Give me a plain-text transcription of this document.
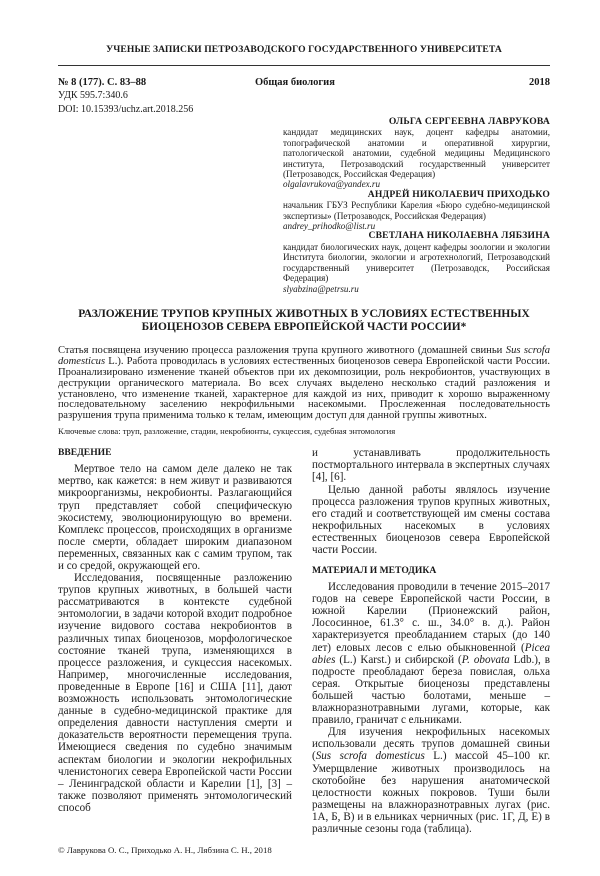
УЧЕНЫЕ ЗАПИСКИ ПЕТРОЗАВОДСКОГО ГОСУДАРСТВЕННОГО УНИВЕРСИТЕТА
№ 8 (177). С. 83–88	Общая биология	2018
УДК 595.7:340.6
DOI: 10.15393/uchz.art.2018.256
ОЛЬГА СЕРГЕЕВНА ЛАВРУКОВА
кандидат медицинских наук, доцент кафедры анатомии, топографической анатомии и оперативной хирургии, патологической анатомии, судебной медицины Медицинского института, Петрозаводский государственный университет (Петрозаводск, Российская Федерация)
olgalavrukova@yandex.ru
АНДРЕЙ НИКОЛАЕВИЧ ПРИХОДЬКО
начальник ГБУЗ Республики Карелия «Бюро судебно-медицинской экспертизы» (Петрозаводск, Российская Федерация)
andrey_prihodko@list.ru
СВЕТЛАНА НИКОЛАЕВНА ЛЯБЗИНА
кандидат биологических наук, доцент кафедры зоологии и экологии Института биологии, экологии и агротехнологий, Петрозаводский государственный университет (Петрозаводск, Российская Федерация)
slyabzina@petrsu.ru
РАЗЛОЖЕНИЕ ТРУПОВ КРУПНЫХ ЖИВОТНЫХ В УСЛОВИЯХ ЕСТЕСТВЕННЫХ БИОЦЕНОЗОВ СЕВЕРА ЕВРОПЕЙСКОЙ ЧАСТИ РОССИИ*
Статья посвящена изучению процесса разложения трупа крупного животного (домашней свиньи Sus scrofa domesticus L.). Работа проводилась в условиях естественных биоценозов севера Европейской части России. Проанализировано изменение тканей объектов при их декомпозиции, роль некробионтов, участвующих в деструкции органического материала. Во всех случаях выделено несколько стадий разложения и установлено, что изменение тканей, характерное для каждой из них, приводит к хорошо выраженному последовательному заселению некрофильными насекомыми. Прослеженная последовательность разрушения трупа применима только к телам, имеющим доступ для данной группы животных.
Ключевые слова: труп, разложение, стадии, некробионты, сукцессия, судебная энтомология
ВВЕДЕНИЕ

Мертвое тело на самом деле далеко не так мертво, как кажется: в нем живут и развиваются микроорганизмы, некробионты. Разлагающийся труп представляет собой специфическую экосистему, эволюционирующую во времени. Комплекс процессов, происходящих в организме после смерти, обладает широким диапазоном переменных, связанных как с самим трупом, так и со средой, окружающей его.

Исследования, посвященные разложению трупов крупных животных, в большей части рассматриваются в контексте судебной энтомологии, в задачи которой входит подробное изучение видового состава некробионтов в различных типах биоценозов, морфологическое состояние тканей трупа, изменяющихся в процессе разложения, и сукцессия насекомых. Например, многочисленные исследования, проведенные в Европе [16] и США [11], дают возможность использовать энтомологические данные в судебно-медицинской практике для определения давности наступления смерти и доказательств вероятности перемещения трупа. Имеющиеся сведения по судебно значимым аспектам биологии и экологии некрофильных членистоногих севера Европейской части России – Ленинградской области и Карелии [1], [3] – также позволяют применять энтомологический способ

и устанавливать продолжительность постмортального интервала в экспертных случаях [4], [6].

Целью данной работы являлось изучение процесса разложения трупов крупных животных, его стадий и соответствующей им смены состава некрофильных насекомых в условиях естественных биоценозов севера Европейской части России.

МАТЕРИАЛ И МЕТОДИКА

Исследования проводили в течение 2015–2017 годов на севере Европейской части России, в южной Карелии (Прионежский район, Лососинное, 61.3° с. ш., 34.0° в. д.). Район характеризуется преобладанием старых (до 140 лет) еловых лесов с елью обыкновенной (Picea abies (L.) Karst.) и сибирской (P. obovata Ldb.), в подросте преобладают береза повислая, ольха серая. Открытые биоценозы представлены большей частью болотами, меньше – влажноразнотравными лугами, которые, как правило, граничат с ельниками.

Для изучения некрофильных насекомых использовали десять трупов домашней свиньи (Sus scrofa domesticus L.) массой 45–100 кг. Умерщвление животных производилось на скотобойне без нарушения анатомической целостности кожных покровов. Туши были размещены на влажноразнотравных лугах (рис. 1А, Б, В) и в ельниках черничных (рис. 1Г, Д, Е) в различные сезоны года (таблица).

© Лаврукова О. С., Приходько А. Н., Лябзина С. Н., 2018
